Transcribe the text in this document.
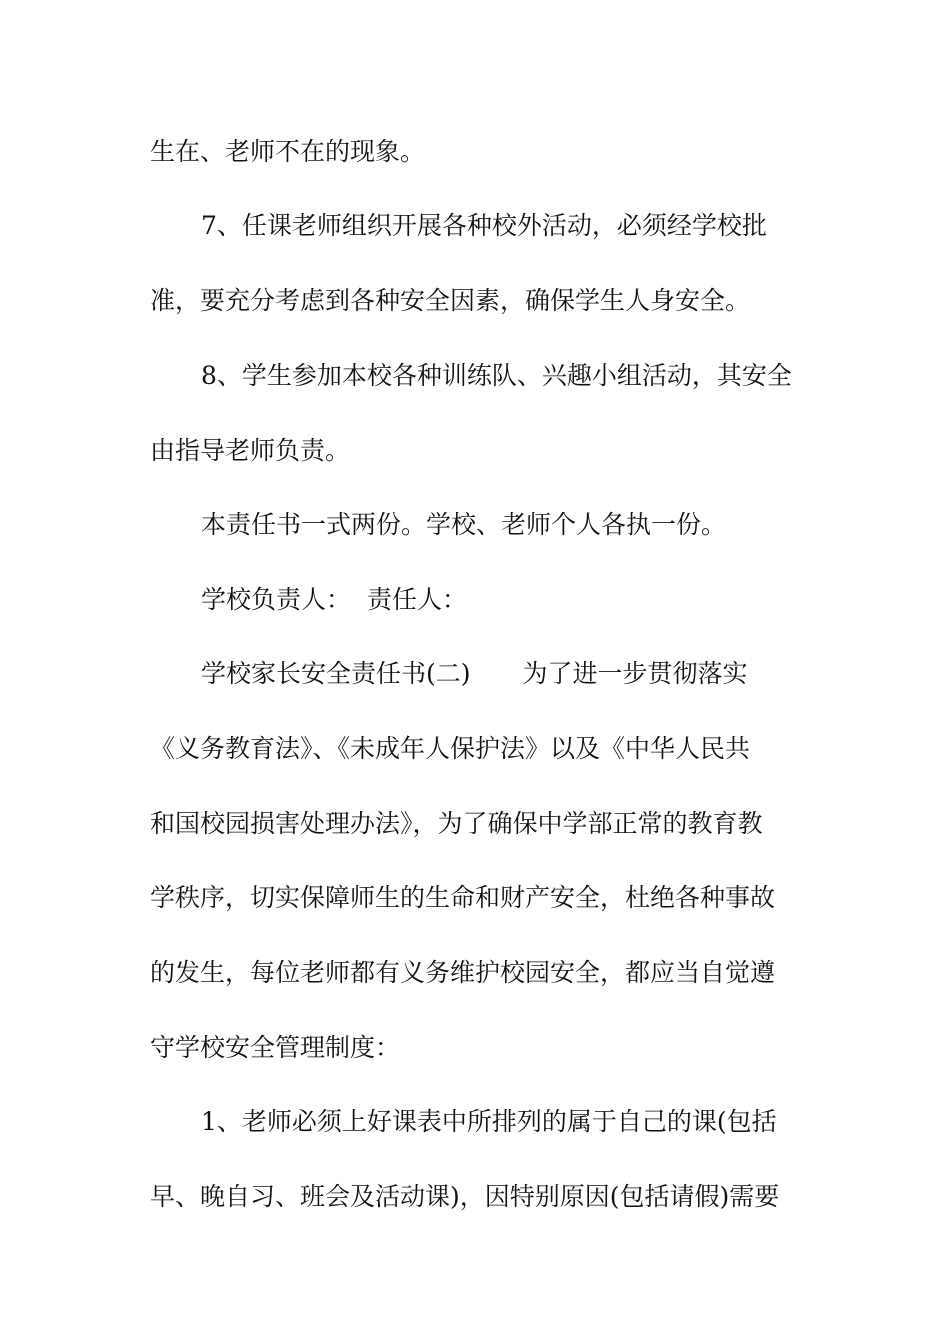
生在、老师不在的现象。
7、任课老师组织开展各种校外活动，必须经学校批
准，要充分考虑到各种安全因素，确保学生人身安全。
8、学生参加本校各种训练队、兴趣小组活动，其安全
由指导老师负责。
本责任书一式两份。学校、老师个人各执一份。
学校负责人： 责任人：
学校家长安全责任书(二) 为了进一步贯彻落实
《义务教育法》、《未成年人保护法》以及《中华人民共
和国校园损害处理办法》，为了确保中学部正常的教育教
学秩序，切实保障师生的生命和财产安全，杜绝各种事故
的发生，每位老师都有义务维护校园安全，都应当自觉遵
守学校安全管理制度：
1、老师必须上好课表中所排列的属于自己的课(包括
早、晚自习、班会及活动课)，因特别原因(包括请假)需要
